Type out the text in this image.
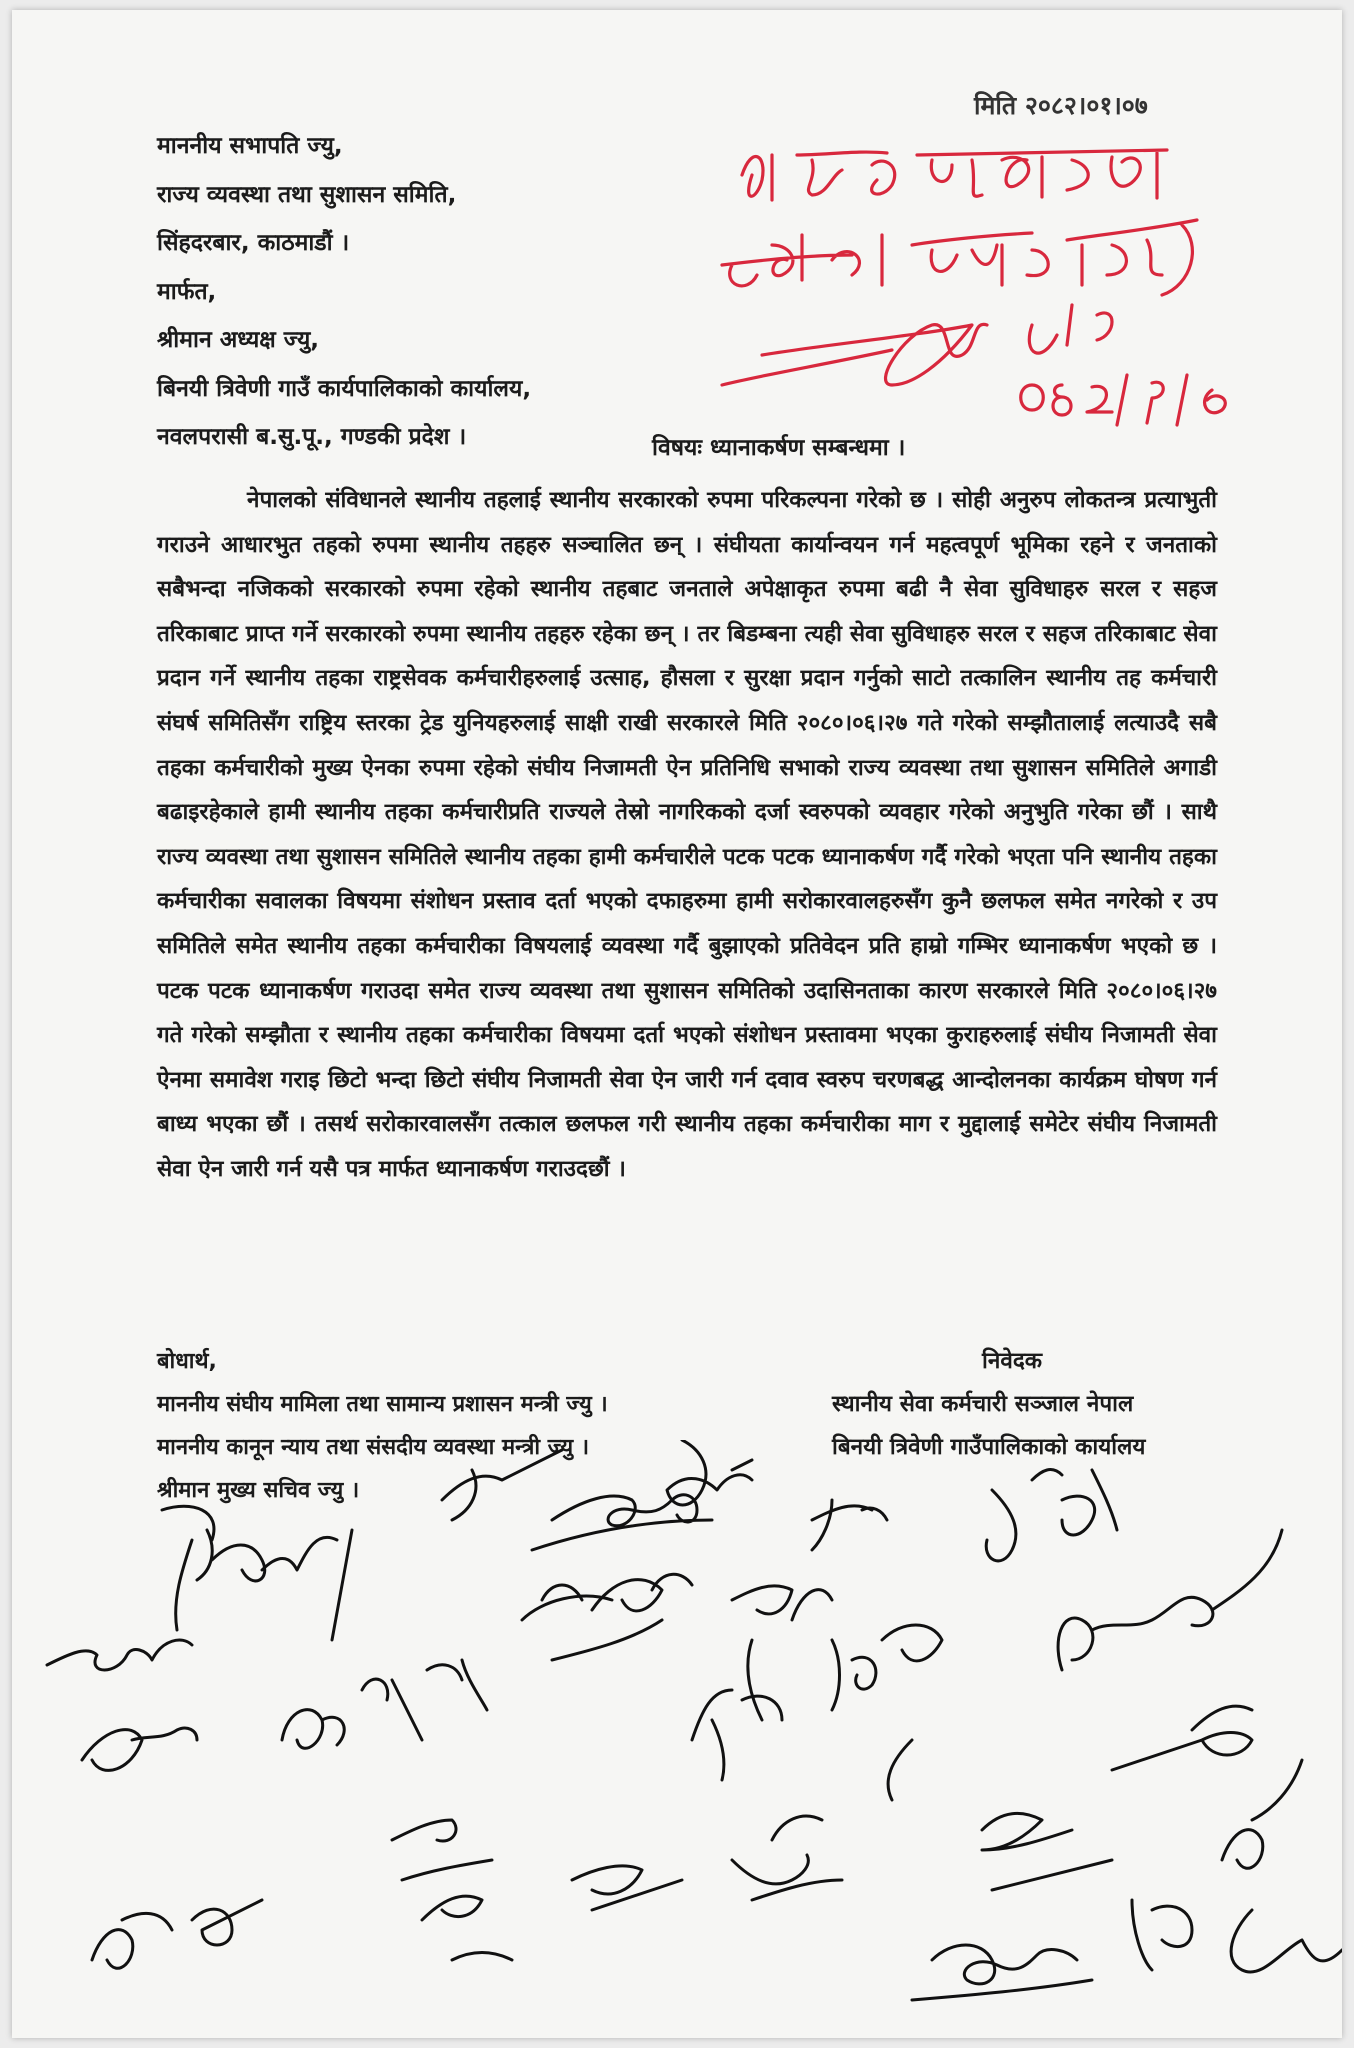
मिति २०८२।०१।०७
माननीय सभापति ज्यु,
राज्य व्यवस्था तथा सुशासन समिति,
सिंहदरबार, काठमाडौं ।
मार्फत,
श्रीमान अध्यक्ष ज्यु,
बिनयी त्रिवेणी गाउँ कार्यपालिकाको कार्यालय,
नवलपरासी ब.सु.पू., गण्डकी प्रदेश ।	विषयः ध्यानाकर्षण सम्बन्धमा ।
नेपालको संविधानले स्थानीय तहलाई स्थानीय सरकारको रुपमा परिकल्पना गरेको छ । सोही अनुरुप लोकतन्त्र प्रत्याभुती गराउने आधारभुत तहको रुपमा स्थानीय तहहरु सञ्चालित छन् । संघीयता कार्यान्वयन गर्न महत्वपूर्ण भूमिका रहने र जनताको सबैभन्दा नजिकको सरकारको रुपमा रहेको स्थानीय तहबाट जनताले अपेक्षाकृत रुपमा बढी नै सेवा सुविधाहरु सरल र सहज तरिकाबाट प्राप्त गर्ने सरकारको रुपमा स्थानीय तहहरु रहेका छन् । तर बिडम्बना त्यही सेवा सुविधाहरु सरल र सहज तरिकाबाट सेवा प्रदान गर्ने स्थानीय तहका राष्ट्रसेवक कर्मचारीहरुलाई उत्साह, हौसला र सुरक्षा प्रदान गर्नुको साटो तत्कालिन स्थानीय तह कर्मचारी संघर्ष समितिसँग राष्ट्रिय स्तरका ट्रेड युनियहरुलाई साक्षी राखी सरकारले मिति २०८०।०६।२७ गते गरेको सम्झौतालाई लत्याउदै सबै तहका कर्मचारीको मुख्य ऐनका रुपमा रहेको संघीय निजामती ऐन प्रतिनिधि सभाको राज्य व्यवस्था तथा सुशासन समितिले अगाडी बढाइरहेकाले हामी स्थानीय तहका कर्मचारीप्रति राज्यले तेस्रो नागरिकको दर्जा स्वरुपको व्यवहार गरेको अनुभुति गरेका छौं । साथै राज्य व्यवस्था तथा सुशासन समितिले स्थानीय तहका हामी कर्मचारीले पटक पटक ध्यानाकर्षण गर्दै गरेको भएता पनि स्थानीय तहका कर्मचारीका सवालका विषयमा संशोधन प्रस्ताव दर्ता भएको दफाहरुमा हामी सरोकारवालहरुसँग कुनै छलफल समेत नगरेको र उप समितिले समेत स्थानीय तहका कर्मचारीका विषयलाई व्यवस्था गर्दै बुझाएको प्रतिवेदन प्रति हाम्रो गम्भिर ध्यानाकर्षण भएको छ । पटक पटक ध्यानाकर्षण गराउदा समेत राज्य व्यवस्था तथा सुशासन समितिको उदासिनताका कारण सरकारले मिति २०८०।०६।२७ गते गरेको सम्झौता र स्थानीय तहका कर्मचारीका विषयमा दर्ता भएको संशोधन प्रस्तावमा भएका कुराहरुलाई संघीय निजामती सेवा ऐनमा समावेश गराइ छिटो भन्दा छिटो संघीय निजामती सेवा ऐन जारी गर्न दवाव स्वरुप चरणबद्ध आन्दोलनका कार्यक्रम घोषण गर्न बाध्य भएका छौं । तसर्थ सरोकारवालसँग तत्काल छलफल गरी स्थानीय तहका कर्मचारीका माग र मुद्दालाई समेटेर संघीय निजामती सेवा ऐन जारी गर्न यसै पत्र मार्फत ध्यानाकर्षण गराउदछौं ।
बोधार्थ,
माननीय संघीय मामिला तथा सामान्य प्रशासन मन्त्री ज्यु ।
माननीय कानून न्याय तथा संसदीय व्यवस्था मन्त्री ज्यु ।
श्रीमान मुख्य सचिव ज्यु ।
निवेदक
स्थानीय सेवा कर्मचारी सञ्जाल नेपाल
बिनयी त्रिवेणी गाउँपालिकाको कार्यालय
